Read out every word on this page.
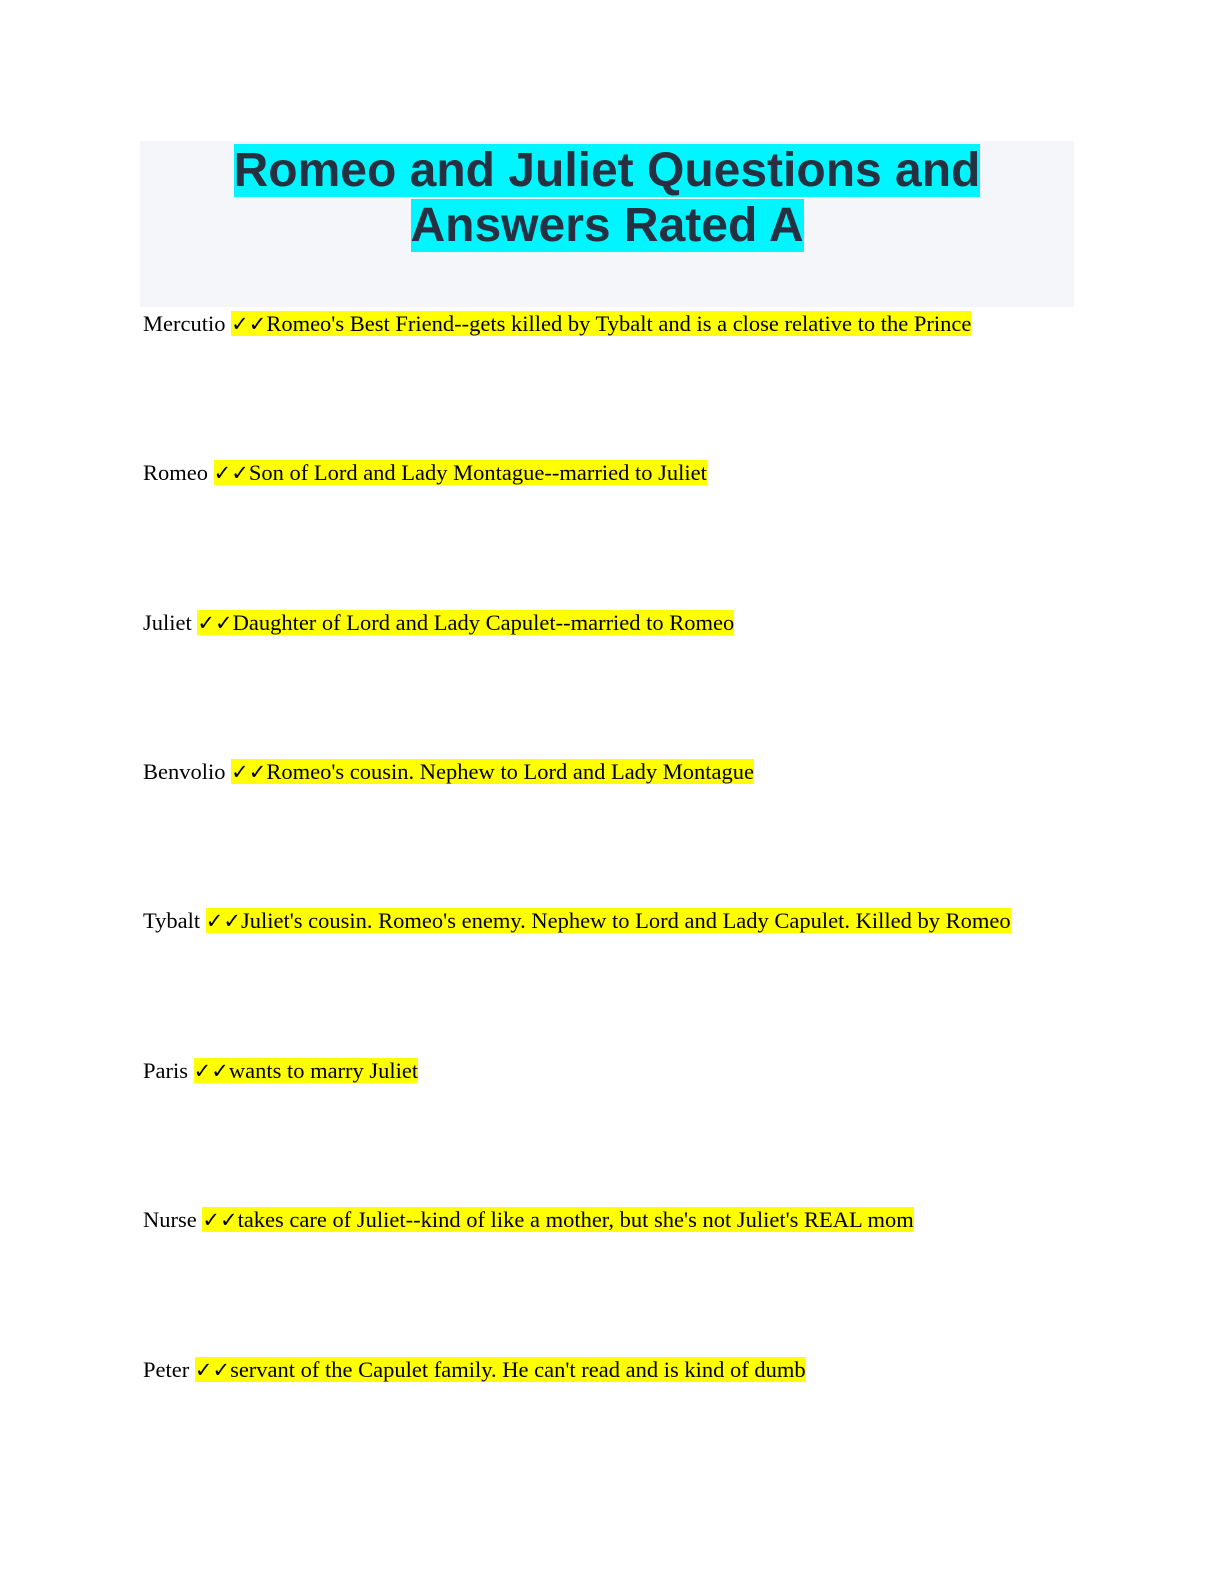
Romeo and Juliet Questions and
Answers Rated A

Mercutio ✓✓Romeo's Best Friend--gets killed by Tybalt and is a close relative to the Prince

Romeo ✓✓Son of Lord and Lady Montague--married to Juliet

Juliet ✓✓Daughter of Lord and Lady Capulet--married to Romeo

Benvolio ✓✓Romeo's cousin. Nephew to Lord and Lady Montague

Tybalt ✓✓Juliet's cousin. Romeo's enemy. Nephew to Lord and Lady Capulet. Killed by Romeo

Paris ✓✓wants to marry Juliet

Nurse ✓✓takes care of Juliet--kind of like a mother, but she's not Juliet's REAL mom

Peter ✓✓servant of the Capulet family. He can't read and is kind of dumb
